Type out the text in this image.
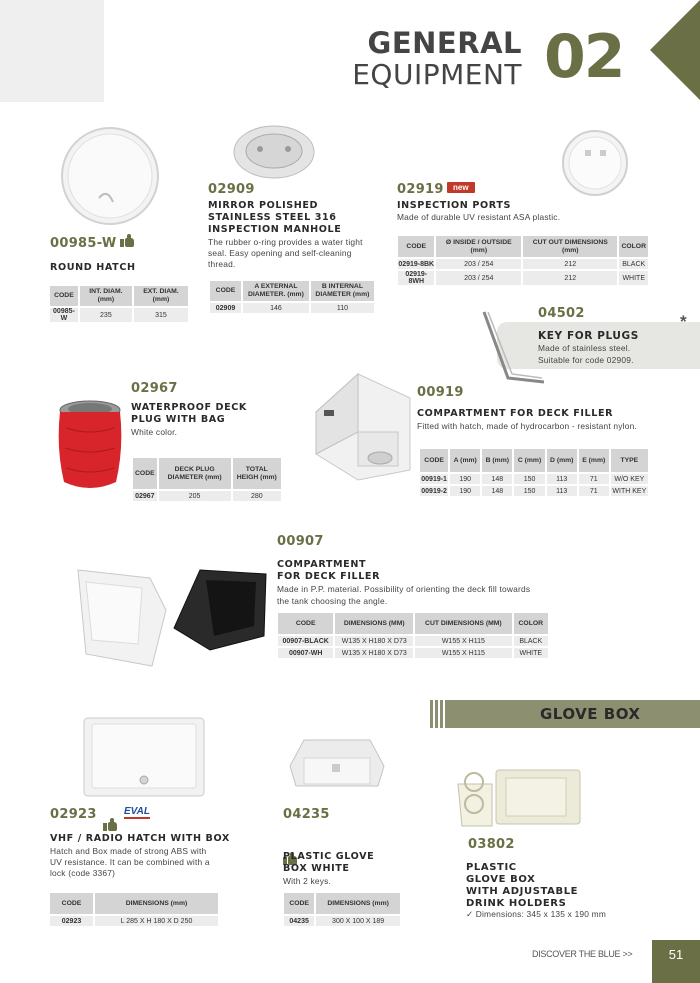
GENERAL
EQUIPMENT 02
00985-W
ROUND HATCH
CODE	INT. DIAM. (mm)	EXT. DIAM. (mm)
00985-W	235	315
02909
MIRROR POLISHED
STAINLESS STEEL 316
INSPECTION MANHOLE
The rubber o-ring provides a water tight
seal. Easy opening and self-cleaning
thread.
CODE	A EXTERNAL DIAMETER. (mm)	B INTERNAL DIAMETER (mm)
02909	146	110
02919	new
INSPECTION PORTS
Made of durable UV resistant ASA plastic.
CODE	Ø INSIDE / OUTSIDE (mm)	CUT OUT DIMENSIONS (mm)	COLOR
02919-8BK	203 / 254	212	BLACK
02919-8WH	203 / 254	212	WHITE
04502	*
KEY FOR PLUGS
Made of stainless steel.
Suitable for code 02909.
02967
WATERPROOF DECK
PLUG WITH BAG
White color.
CODE	DECK PLUG DIAMETER (mm)	TOTAL HEIGH (mm)
02967	205	280
00919
COMPARTMENT FOR DECK FILLER
Fitted with hatch, made of hydrocarbon - resistant nylon.
CODE	A (mm)	B (mm)	C (mm)	D (mm)	E (mm)	TYPE
00919-1	190	148	150	113	71	W/O KEY
00919-2	190	148	150	113	71	WITH KEY
00907
COMPARTMENT
FOR DECK FILLER
Made in P.P. material. Possibility of orienting the deck fill towards
the tank choosing the angle.
CODE	DIMENSIONS (MM)	CUT DIMENSIONS (MM)	COLOR
00907-BLACK	W135 X H180 X D73	W155 X H115	BLACK
00907-WH	W135 X H180 X D73	W155 X H115	WHITE
GLOVE BOX
02923	EVAL
VHF / RADIO HATCH WITH BOX
Hatch and Box made of strong ABS with
UV resistance. It can be combined with a
lock (code 3367)
CODE	DIMENSIONS (mm)
02923	L 285 X H 180 X D 250
04235
PLASTIC GLOVE
BOX WHITE
With 2 keys.
CODE	DIMENSIONS (mm)
04235	300 X 100 X 189
03802
PLASTIC
GLOVE BOX
WITH ADJUSTABLE
DRINK HOLDERS
✓ Dimensions: 345 x 135 x 190 mm
DISCOVER THE BLUE >>	51
